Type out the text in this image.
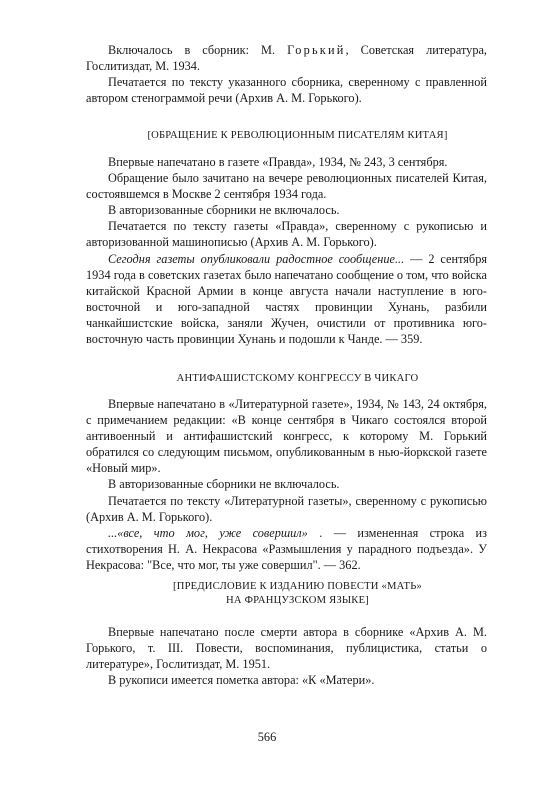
Включалось в сборник: М. Горький, Советская литература, Гослитиздат, М. 1934.

Печатается по тексту указанного сборника, сверенному с правленной автором стенограммой речи (Архив А. М. Горького).

[ОБРАЩЕНИЕ К РЕВОЛЮЦИОННЫМ ПИСАТЕЛЯМ КИТАЯ]

Впервые напечатано в газете «Правда», 1934, № 243, 3 сентября.

Обращение было зачитано на вечере революционных писателей Китая, состоявшемся в Москве 2 сентября 1934 года.

В авторизованные сборники не включалось.

Печатается по тексту газеты «Правда», сверенному с рукописью и авторизованной машинописью (Архив А. М. Горького).

Сегодня газеты опубликовали радостное сообщение... — 2 сентября 1934 года в советских газетах было напечатано сообщение о том, что войска китайской Красной Армии в конце августа начали наступление в юго-восточной и юго-западной частях провинции Хунань, разбили чанкайшистские войска, заняли Жучен, очистили от противника юго-восточную часть провинции Хунань и подошли к Чанде. — 359.

АНТИФАШИСТСКОМУ КОНГРЕССУ В ЧИКАГО

Впервые напечатано в «Литературной газете», 1934, № 143, 24 октября, с примечанием редакции: «В конце сентября в Чикаго состоялся второй антивоенный и антифашистский конгресс, к которому М. Горький обратился со следующим письмом, опубликованным в нью-йоркской газете «Новый мир».

В авторизованные сборники не включалось.

Печатается по тексту «Литературной газеты», сверенному с рукописью (Архив А. М. Горького).

...«все, что мог, уже совершил» . — измененная строка из стихотворения Н. А. Некрасова «Размышления у парадного подъезда». У Некрасова: "Все, что мог, ты уже совершил". — 362.

[ПРЕДИСЛОВИЕ К ИЗДАНИЮ ПОВЕСТИ «МАТЬ»

НА ФРАНЦУЗСКОМ ЯЗЫКЕ]

Впервые напечатано после смерти автора в сборнике «Архив А. М. Горького, т. III. Повести, воспоминания, публицистика, статьи о литературе», Гослитиздат, М. 1951.

В рукописи имеется пометка автора: «К «Матери».

566
